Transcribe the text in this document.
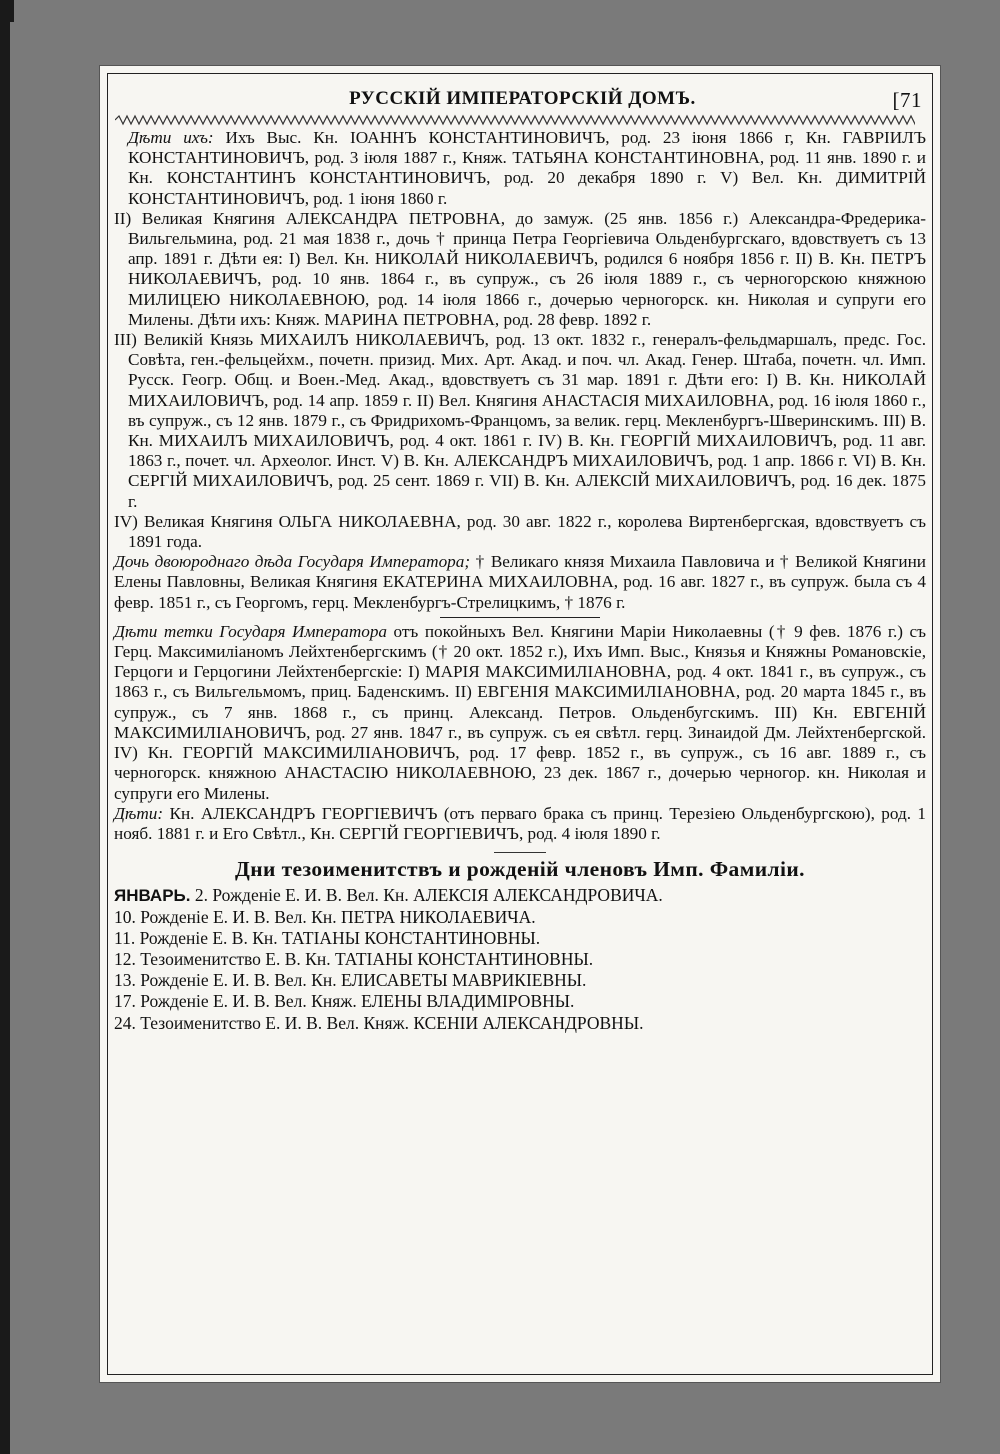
РУССКІЙ ИМПЕРАТОРСКІЙ ДОМЪ.	[71

Дѣти ихъ: Ихъ Выс. Кн. ІОАННЪ КОНСТАНТИНОВИЧЪ, род. 23 іюня 1866 г, Кн. ГАВРІИЛЪ КОНСТАНТИНОВИЧЪ, род. 3 іюля 1887 г., Княж. ТАТЬЯНА КОНСТАНТИНОВНА, род. 11 янв. 1890 г. и Кн. КОНСТАНТИНЪ КОНСТАНТИНОВИЧЪ, род. 20 декабря 1890 г. V) Вел. Кн. ДИМИТРІЙ КОНСТАНТИНОВИЧЪ, род. 1 іюня 1860 г.

II) Великая Княгиня АЛЕКСАНДРА ПЕТРОВНА, до замуж. (25 янв. 1856 г.) Александра-Фредерика-Вильгельмина, род. 21 мая 1838 г., дочь † принца Петра Георгіевича Ольденбургскаго, вдовствуетъ съ 13 апр. 1891 г. Дѣти ея: I) Вел. Кн. НИКОЛАЙ НИКОЛАЕВИЧЪ, родился 6 ноября 1856 г. II) В. Кн. ПЕТРЪ НИКОЛАЕВИЧЪ, род. 10 янв. 1864 г., въ супруж., съ 26 іюля 1889 г., съ черногорскою княжною МИЛИЦЕЮ НИКОЛАЕВНОЮ, род. 14 іюля 1866 г., дочерью черногорск. кн. Николая и супруги его Милены. Дѣти ихъ: Княж. МАРИНА ПЕТРОВНА, род. 28 февр. 1892 г.

III) Великій Князь МИХАИЛЪ НИКОЛАЕВИЧЪ, род. 13 окт. 1832 г., генералъ-фельдмаршалъ, предс. Гос. Совѣта, ген.-фельцейхм., почетн. призид. Мих. Арт. Акад. и поч. чл. Акад. Генер. Штаба, почетн. чл. Имп. Русск. Геогр. Общ. и Воен.-Мед. Акад., вдовствуетъ съ 31 мар. 1891 г. Дѣти его: I) В. Кн. НИКОЛАЙ МИХАИЛОВИЧЪ, род. 14 апр. 1859 г. II) Вел. Княгиня АНАСТАСІЯ МИХАИЛОВНА, род. 16 іюля 1860 г., въ супруж., съ 12 янв. 1879 г., съ Фридрихомъ-Францомъ, за велик. герц. Мекленбургъ-Шверинскимъ. III) В. Кн. МИХАИЛЪ МИХАИЛОВИЧЪ, род. 4 окт. 1861 г. IV) В. Кн. ГЕОРГІЙ МИХАИЛОВИЧЪ, род. 11 авг. 1863 г., почет. чл. Археолог. Инст. V) В. Кн. АЛЕКСАНДРЪ МИХАИЛОВИЧЪ, род. 1 апр. 1866 г. VI) В. Кн. СЕРГІЙ МИХАИЛОВИЧЪ, род. 25 сент. 1869 г. VII) В. Кн. АЛЕКСІЙ МИХАИЛОВИЧЪ, род. 16 дек. 1875 г.

IV) Великая Княгиня ОЛЬГА НИКОЛАЕВНА, род. 30 авг. 1822 г., королева Виртенбергская, вдовствуетъ съ 1891 года.

Дочь двоюроднаго дѣда Государя Императора; † Великаго князя Михаила Павловича и † Великой Княгини Елены Павловны, Великая Княгиня ЕКАТЕРИНА МИХАИЛОВНА, род. 16 авг. 1827 г., въ супруж. была съ 4 февр. 1851 г., съ Георгомъ, герц. Мекленбургъ-Стрелицкимъ, † 1876 г.

Дѣти тетки Государя Императора отъ покойныхъ Вел. Княгини Маріи Николаевны († 9 фев. 1876 г.) съ Герц. Максимиліаномъ Лейхтенбергскимъ († 20 окт. 1852 г.), Ихъ Имп. Выс., Князья и Княжны Романовскіе, Герцоги и Герцогини Лейхтенбергскіе: I) МАРІЯ МАКСИМИЛІАНОВНА, род. 4 окт. 1841 г., въ супруж., съ 1863 г., съ Вильгельмомъ, приц. Баденскимъ. II) ЕВГЕНІЯ МАКСИМИЛІАНОВНА, род. 20 марта 1845 г., въ супруж., съ 7 янв. 1868 г., съ принц. Александ. Петров. Ольденбугскимъ. III) Кн. ЕВГЕНІЙ МАКСИМИЛІАНОВИЧЪ, род. 27 янв. 1847 г., въ супруж. съ ея свѣтл. герц. Зинаидой Дм. Лейхтенбергской. IV) Кн. ГЕОРГІЙ МАКСИМИЛІАНОВИЧЪ, род. 17 февр. 1852 г., въ супруж., съ 16 авг. 1889 г., съ черногорск. княжною АНАСТАСІЮ НИКОЛАЕВНОЮ, 23 дек. 1867 г., дочерью черногор. кн. Николая и супруги его Милены.

Дѣти: Кн. АЛЕКСАНДРЪ ГЕОРГІЕВИЧЪ (отъ перваго брака съ принц. Терезіею Ольденбургскою), род. 1 нояб. 1881 г. и Его Свѣтл., Кн. СЕРГІЙ ГЕОРГІЕВИЧЪ, род. 4 іюля 1890 г.

Дни тезоименитствъ и рожденій членовъ Имп. Фамиліи.
ЯНВАРЬ. 2. Рожденіе Е. И. В. Вел. Кн. АЛЕКСІЯ АЛЕКСАНДРОВИЧА.
10. Рожденіе Е. И. В. Вел. Кн. ПЕТРА НИКОЛАЕВИЧА.
11. Рожденіе Е. В. Кн. ТАТІАНЫ КОНСТАНТИНОВНЫ.
12. Тезоименитство Е. В. Кн. ТАТІАНЫ КОНСТАНТИНОВНЫ.
13. Рожденіе Е. И. В. Вел. Кн. ЕЛИСАВЕТЫ МАВРИКІЕВНЫ.
17. Рожденіе Е. И. В. Вел. Княж. ЕЛЕНЫ ВЛАДИМІРОВНЫ.
24. Тезоименитство Е. И. В. Вел. Княж. КСЕНІИ АЛЕКСАНДРОВНЫ.
